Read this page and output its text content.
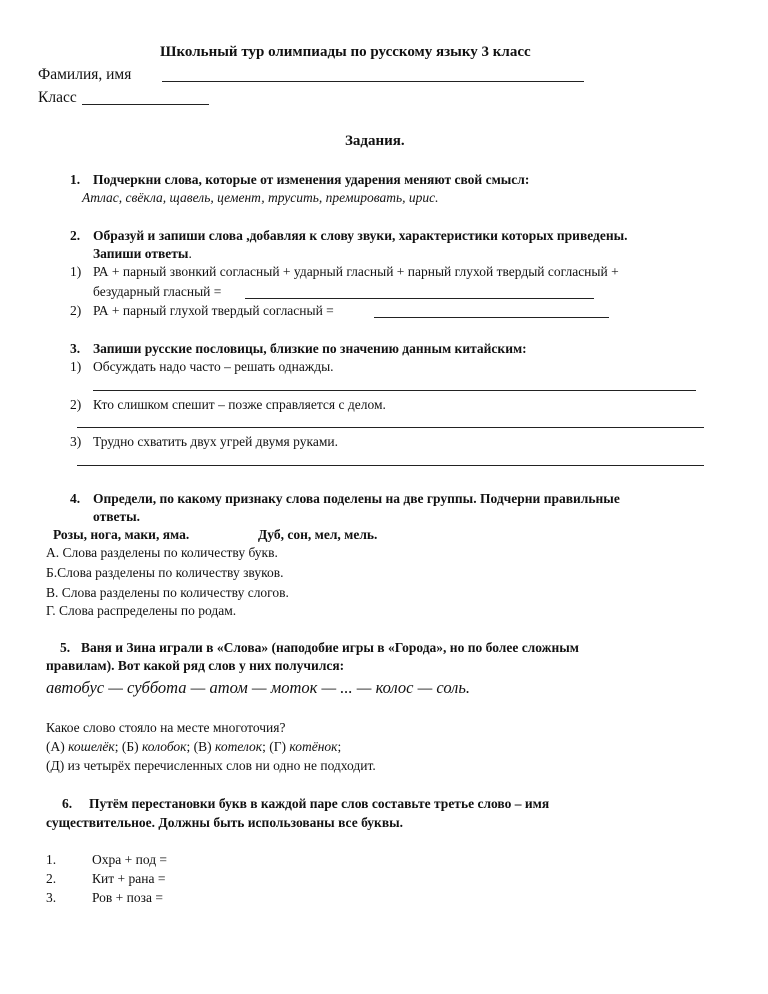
Школьный тур олимпиады по русскому языку 3 класс
Фамилия, имя
Класс
Задания.
1. Подчеркни слова, которые от изменения ударения меняют свой смысл:
Атлас, свёкла, щавель, цемент, трусить, премировать, ирис.
2. Образуй и запиши слова ,добавляя к слову звуки, характеристики которых приведены.
Запиши ответы.
1) РА + парный звонкий согласный + ударный гласный + парный глухой твердый согласный +
безударный гласный =
2) РА + парный глухой твердый согласный =
3. Запиши русские пословицы, близкие по значению данным китайским:
1) Обсуждать надо часто – решать однажды.
2) Кто слишком спешит – позже справляется с делом.
3) Трудно схватить двух угрей двумя руками.
4. Определи, по какому признаку слова поделены на две группы. Подчерни правильные
ответы.
Розы, нога, маки, яма.	Дуб, сон, мел, мель.
А. Слова разделены по количеству букв.
Б.Слова разделены по количеству звуков.
В. Слова разделены по количеству слогов.
Г. Слова распределены по родам.
5. Ваня и Зина играли в «Слова» (наподобие игры в «Города», но по более сложным
правилам). Вот какой ряд слов у них получился:
автобус — суббота — атом — моток — ... — колос — соль.
Какое слово стояло на месте многоточия?
(А) кошелёк; (Б) колобок; (В) котелок; (Г) котёнок;
(Д) из четырёх перечисленных слов ни одно не подходит.
6. Путём перестановки букв в каждой паре слов составьте третье слово – имя
существительное. Должны быть использованы все буквы.
1.	Охра + под =
2.	Кит + рана =
3.	Ров + поза =
